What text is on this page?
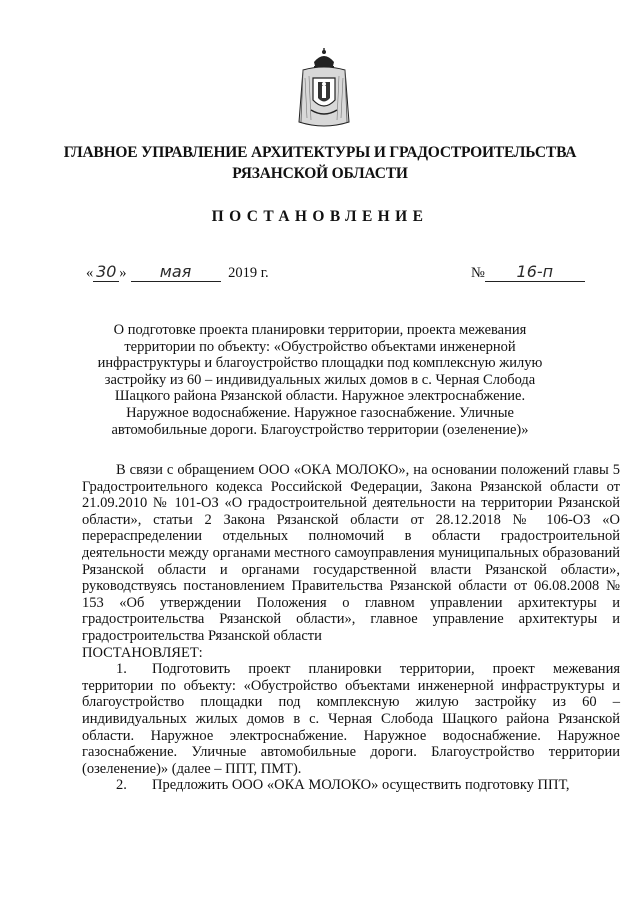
ГЛАВНОЕ УПРАВЛЕНИЕ АРХИТЕКТУРЫ И ГРАДОСТРОИТЕЛЬСТВА
РЯЗАНСКОЙ ОБЛАСТИ
ПОСТАНОВЛЕНИЕ
« 30 » мая	2019 г.	№ 16-п
О подготовке проекта планировки территории, проекта межевания территории по объекту: «Обустройство объектами инженерной инфраструктуры и благоустройство площадки под комплексную жилую застройку из 60 – индивидуальных жилых домов в с. Черная Слобода Шацкого района Рязанской области. Наружное электроснабжение. Наружное водоснабжение. Наружное газоснабжение. Уличные автомобильные дороги. Благоустройство территории (озеленение)»

В связи с обращением ООО «ОКА МОЛОКО», на основании положений главы 5 Градостроительного кодекса Российской Федерации, Закона Рязанской области от 21.09.2010 № 101-ОЗ «О градостроительной деятельности на территории Рязанской области», статьи 2 Закона Рязанской области от 28.12.2018 № 106-ОЗ «О перераспределении отдельных полномочий в области градостроительной деятельности между органами местного самоуправления муниципальных образований Рязанской области и органами государственной власти Рязанской области», руководствуясь постановлением Правительства Рязанской области от 06.08.2008 № 153 «Об утверждении Положения о главном управлении архитектуры и градостроительства Рязанской области», главное управление архитектуры и градостроительства Рязанской области

ПОСТАНОВЛЯЕТ:

1. Подготовить проект планировки территории, проект межевания территории по объекту: «Обустройство объектами инженерной инфраструктуры и благоустройство площадки под комплексную жилую застройку из 60 – индивидуальных жилых домов в с. Черная Слобода Шацкого района Рязанской области. Наружное электроснабжение. Наружное водоснабжение. Наружное газоснабжение. Уличные автомобильные дороги. Благоустройство территории (озеленение)» (далее – ППТ, ПМТ).

2. Предложить ООО «ОКА МОЛОКО» осуществить подготовку ППТ,
